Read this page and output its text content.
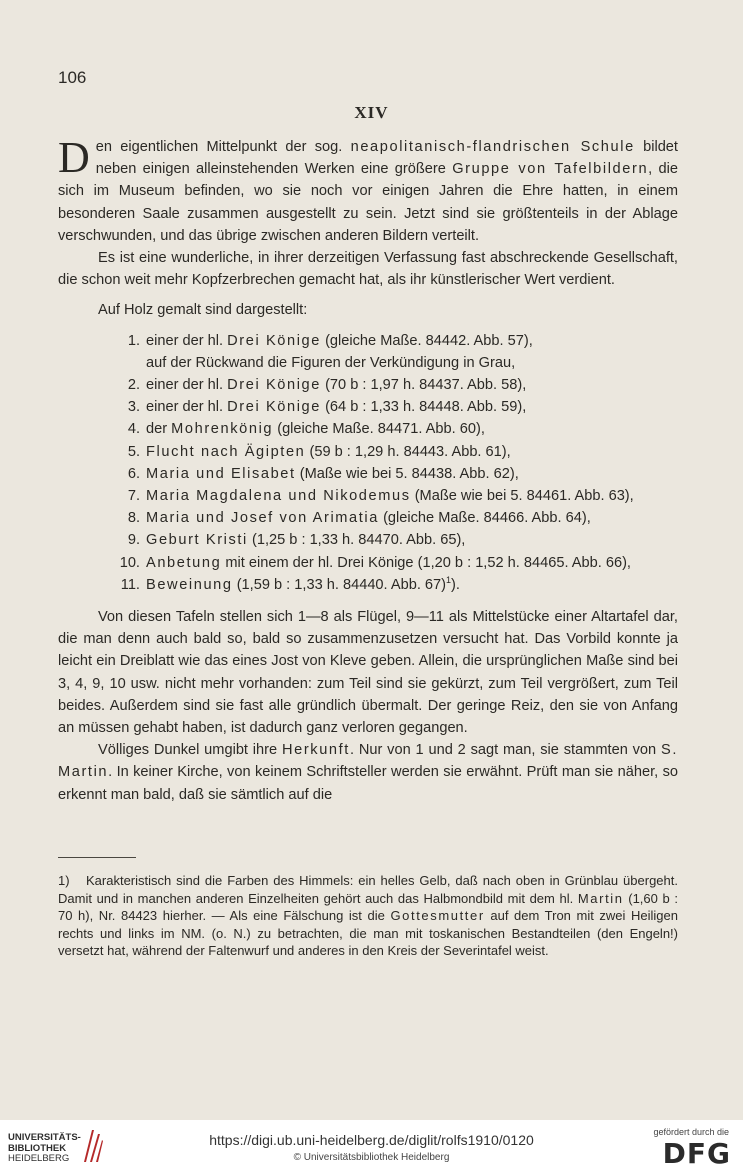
106
XIV

D en eigentlichen Mittelpunkt der sog. neapolitanisch-flandrischen Schule bildet neben einigen alleinstehenden Werken eine größere Gruppe von Tafelbildern, die sich im Museum befinden, wo sie noch vor einigen Jahren die Ehre hatten, in einem besonderen Saale zusammen ausgestellt zu sein. Jetzt sind sie größtenteils in der Ablage verschwunden, und das übrige zwischen anderen Bildern verteilt.

Es ist eine wunderliche, in ihrer derzeitigen Verfassung fast abschreckende Gesellschaft, die schon weit mehr Kopfzerbrechen gemacht hat, als ihr künstlerischer Wert verdient.

Auf Holz gemalt sind dargestellt:

1. einer der hl. Drei Könige (gleiche Maße. 84442. Abb. 57),
auf der Rückwand die Figuren der Verkündigung in Grau,
2. einer der hl. Drei Könige (70 b : 1,97 h. 84437. Abb. 58),
3. einer der hl. Drei Könige (64 b : 1,33 h. 84448. Abb. 59),
4. der Mohrenkönig (gleiche Maße. 84471. Abb. 60),
5. Flucht nach Ägipten (59 b : 1,29 h. 84443. Abb. 61),
6. Maria und Elisabet (Maße wie bei 5. 84438. Abb. 62),
7. Maria Magdalena und Nikodemus (Maße wie bei 5. 84461. Abb. 63),
8. Maria und Josef von Arimatia (gleiche Maße. 84466. Abb. 64),
9. Geburt Kristi (1,25 b : 1,33 h. 84470. Abb. 65),
10. Anbetung mit einem der hl. Drei Könige (1,20 b : 1,52 h. 84465. Abb. 66),
11. Beweinung (1,59 b : 1,33 h. 84440. Abb. 67)$^1$).

Von diesen Tafeln stellen sich 1—8 als Flügel, 9—11 als Mittelstücke einer Altartafel dar, die man denn auch bald so, bald so zusammenzusetzen versucht hat. Das Vorbild konnte ja leicht ein Dreiblatt wie das eines Jost von Kleve geben. Allein, die ursprünglichen Maße sind bei 3, 4, 9, 10 usw. nicht mehr vorhanden: zum Teil sind sie gekürzt, zum Teil vergrößert, zum Teil beides. Außerdem sind sie fast alle gründlich übermalt. Der geringe Reiz, den sie von Anfang an müssen gehabt haben, ist dadurch ganz verloren gegangen.

Völliges Dunkel umgibt ihre Herkunft. Nur von 1 und 2 sagt man, sie stammten von S. Martin. In keiner Kirche, von keinem Schriftsteller werden sie erwähnt. Prüft man sie näher, so erkennt man bald, daß sie sämtlich auf die

1) Karakteristisch sind die Farben des Himmels: ein helles Gelb, daß nach oben in Grünblau übergeht. Damit und in manchen anderen Einzelheiten gehört auch das Halbmondbild mit dem hl. Martin (1,60 b : 70 h), Nr. 84423 hierher. — Als eine Fälschung ist die Gottesmutter auf dem Tron mit zwei Heiligen rechts und links im NM. (o. N.) zu betrachten, die man mit toskanischen Bestandteilen (den Engeln!) versetzt hat, während der Faltenwurf und anderes in den Kreis der Severintafel weist.
UNIVERSITÄTS-
BIBLIOTHEK
HEIDELBERG
https://digi.ub.uni-heidelberg.de/diglit/rolfs1910/0120
© Universitätsbibliothek Heidelberg
gefördert durch die
DFG
